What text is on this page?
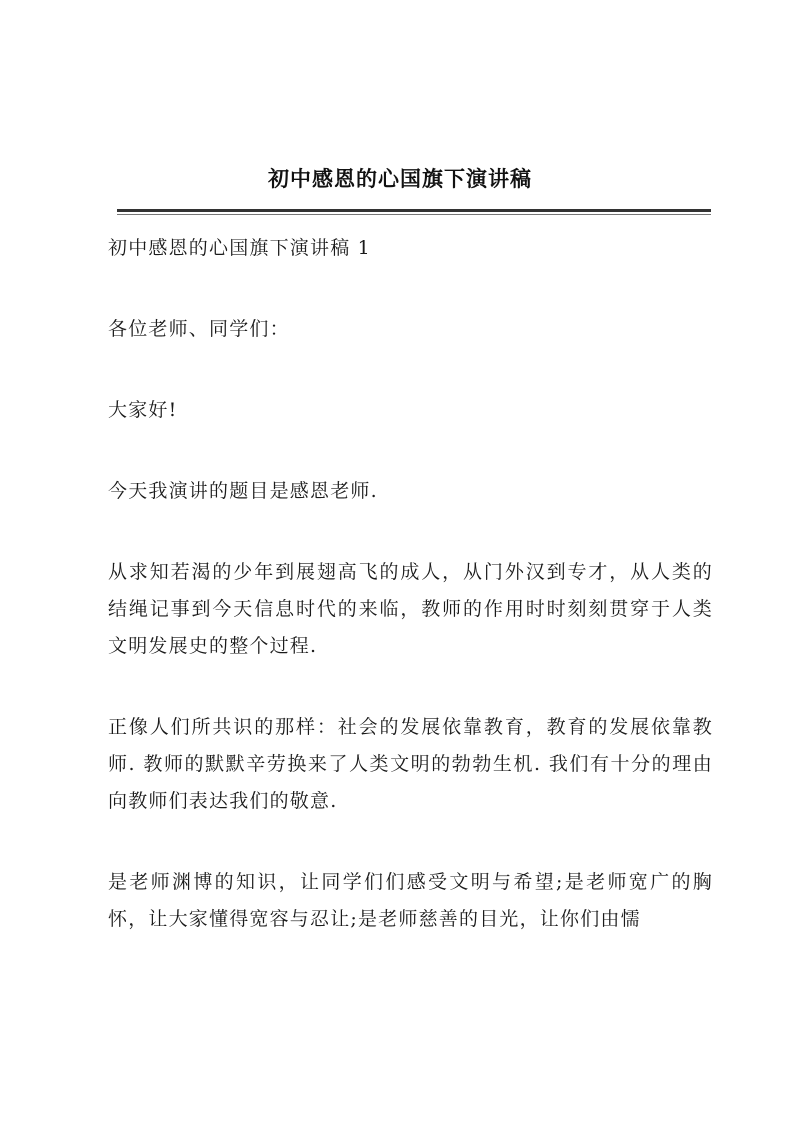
初中感恩的心国旗下演讲稿

初中感恩的心国旗下演讲稿 1

各位老师、同学们：

大家好!

今天我演讲的题目是感恩老师.

从求知若渴的少年到展翅高飞的成人，从门外汉到专才，从人类的结绳记事到今天信息时代的来临，教师的作用时时刻刻贯穿于人类文明发展史的整个过程.

正像人们所共识的那样：社会的发展依靠教育，教育的发展依靠教师. 教师的默默辛劳换来了人类文明的勃勃生机. 我们有十分的理由向教师们表达我们的敬意.

是老师渊博的知识，让同学们们感受文明与希望;是老师宽广的胸怀，让大家懂得宽容与忍让;是老师慈善的目光，让你们由懦
